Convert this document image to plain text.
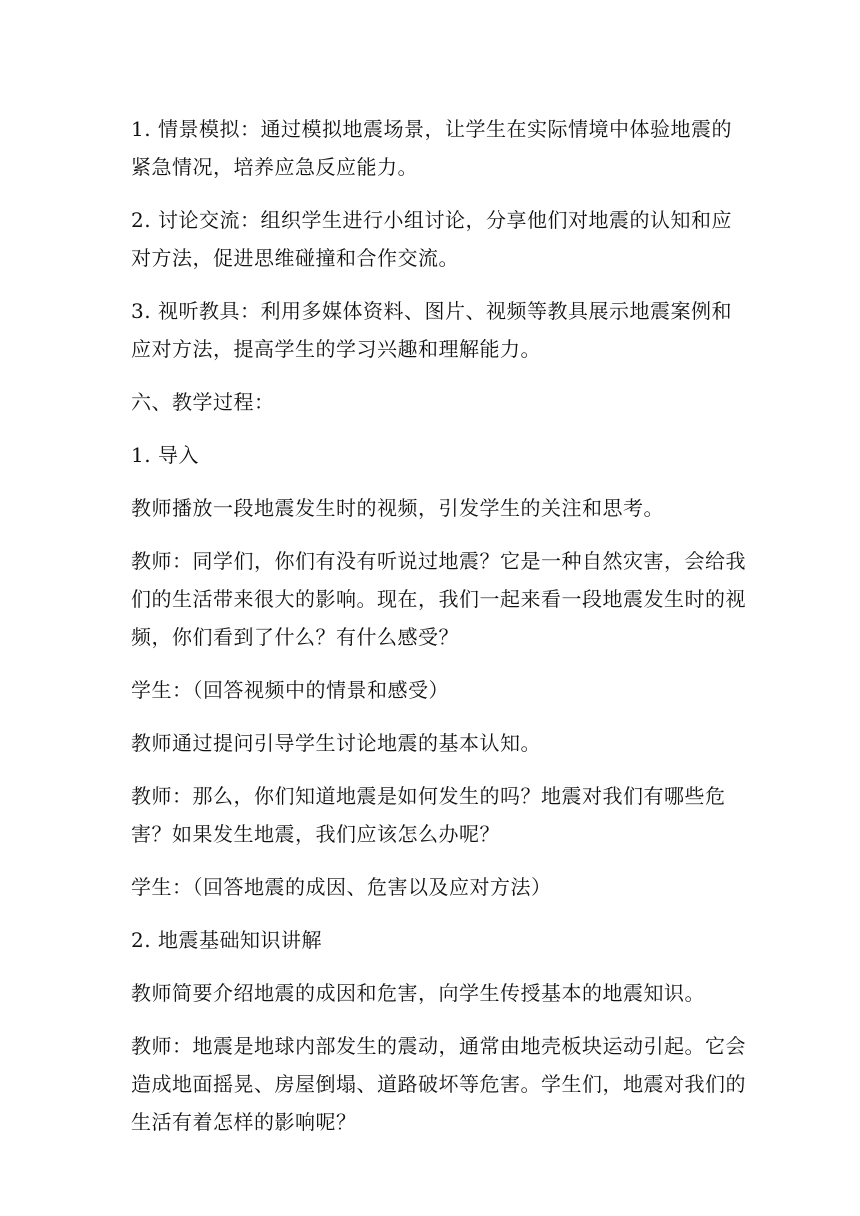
1. 情景模拟：通过模拟地震场景，让学生在实际情境中体验地震的
紧急情况，培养应急反应能力。

2. 讨论交流：组织学生进行小组讨论，分享他们对地震的认知和应
对方法，促进思维碰撞和合作交流。

3. 视听教具：利用多媒体资料、图片、视频等教具展示地震案例和
应对方法，提高学生的学习兴趣和理解能力。

六、教学过程：

1. 导入

教师播放一段地震发生时的视频，引发学生的关注和思考。

教师：同学们，你们有没有听说过地震？它是一种自然灾害，会给我
们的生活带来很大的影响。现在，我们一起来看一段地震发生时的视
频，你们看到了什么？有什么感受？

学生：（回答视频中的情景和感受）

教师通过提问引导学生讨论地震的基本认知。

教师：那么，你们知道地震是如何发生的吗？地震对我们有哪些危
害？如果发生地震，我们应该怎么办呢？

学生：（回答地震的成因、危害以及应对方法）

2. 地震基础知识讲解

教师简要介绍地震的成因和危害，向学生传授基本的地震知识。

教师：地震是地球内部发生的震动，通常由地壳板块运动引起。它会
造成地面摇晃、房屋倒塌、道路破坏等危害。学生们，地震对我们的
生活有着怎样的影响呢？
